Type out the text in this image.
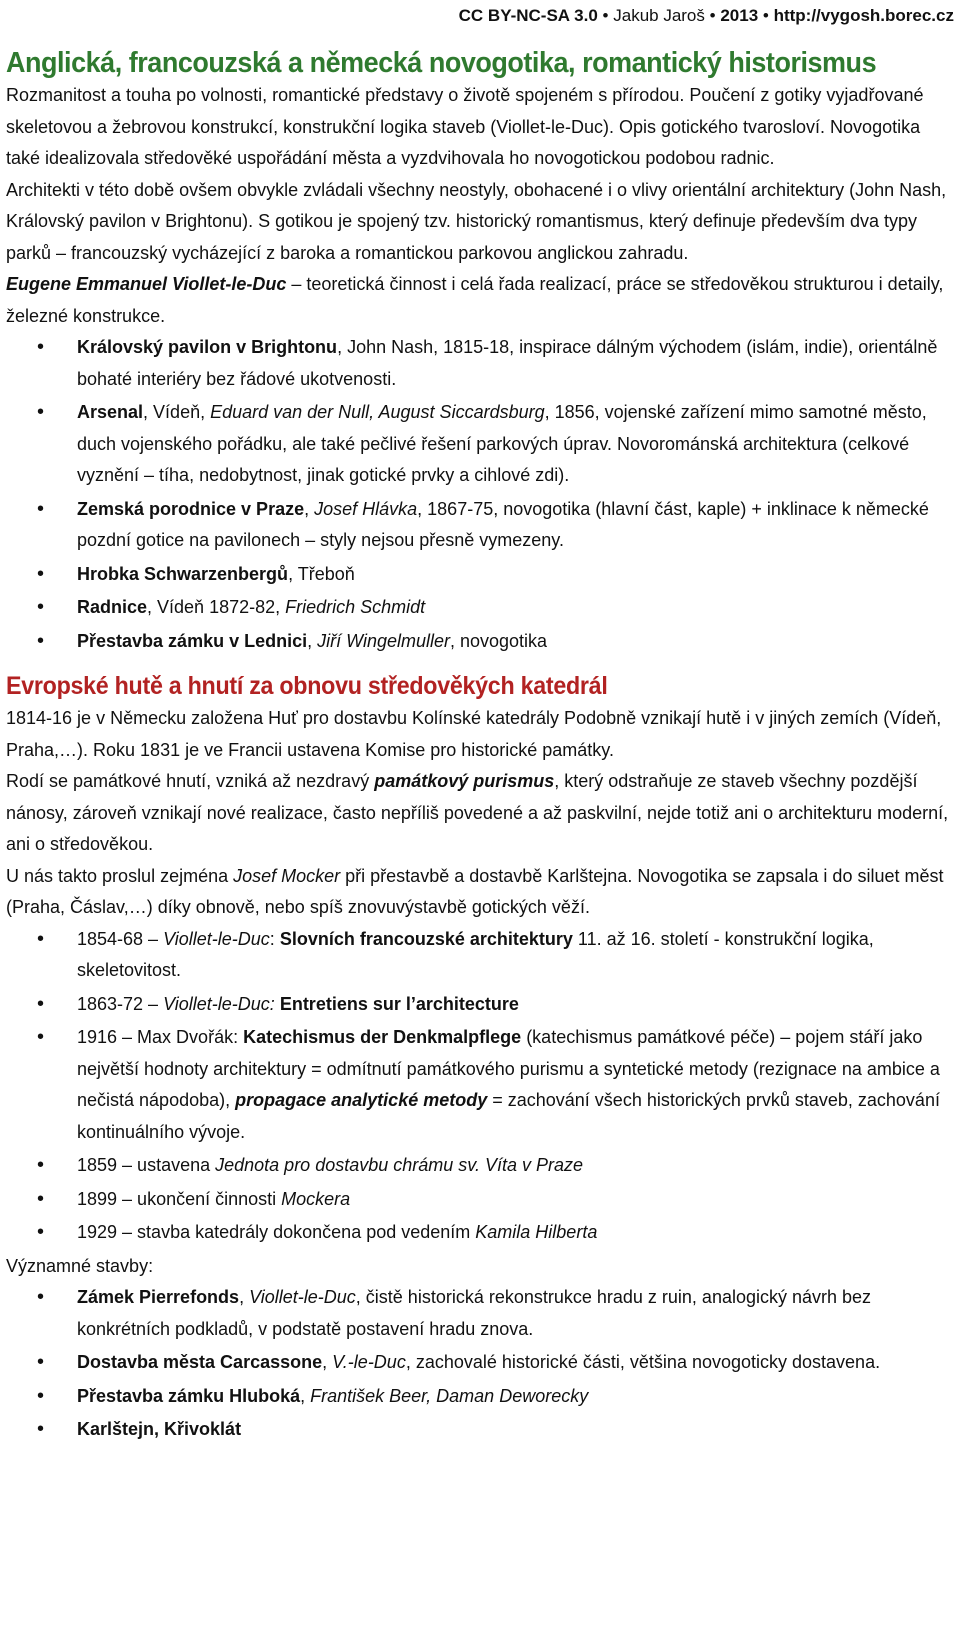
CC BY-NC-SA 3.0 • Jakub Jaroš • 2013 • http://vygosh.borec.cz
Anglická, francouzská a německá novogotika, romantický historismus

Rozmanitost a touha po volnosti, romantické představy o životě spojeném s přírodou. Poučení z gotiky vyjadřované skeletovou a žebrovou konstrukcí, konstrukční logika staveb (Viollet-le-Duc). Opis gotického tvarosloví. Novogotika také idealizovala středověké uspořádání města a vyzdvihovala ho novogotickou podobou radnic.

Architekti v této době ovšem obvykle zvládali všechny neostyly, obohacené i o vlivy orientální architektury (John Nash, Královský pavilon v Brightonu). S gotikou je spojený tzv. historický romantismus, který definuje především dva typy parků – francouzský vycházející z baroka a romantickou parkovou anglickou zahradu.

Eugene Emmanuel Viollet-le-Duc – teoretická činnost i celá řada realizací, práce se středověkou strukturou i detaily, železné konstrukce.

• Královský pavilon v Brightonu, John Nash, 1815-18, inspirace dálným východem (islám, indie), orientálně bohaté interiéry bez řádové ukotvenosti.
• Arsenal, Vídeň, Eduard van der Null, August Siccardsburg, 1856, vojenské zařízení mimo samotné město, duch vojenského pořádku, ale také pečlivé řešení parkových úprav. Novorománská architektura (celkové vyznění – tíha, nedobytnost, jinak gotické prvky a cihlové zdi).
• Zemská porodnice v Praze, Josef Hlávka, 1867-75, novogotika (hlavní část, kaple) + inklinace k německé pozdní gotice na pavilonech – styly nejsou přesně vymezeny.
• Hrobka Schwarzenbergů, Třeboň
• Radnice, Vídeň 1872-82, Friedrich Schmidt
• Přestavba zámku v Lednici, Jiří Wingelmuller, novogotika
Evropské hutě a hnutí za obnovu středověkých katedrál

1814-16 je v Německu založena Huť pro dostavbu Kolínské katedrály Podobně vznikají hutě i v jiných zemích (Vídeň, Praha,…). Roku 1831 je ve Francii ustavena Komise pro historické památky.

Rodí se památkové hnutí, vzniká až nezdravý památkový purismus, který odstraňuje ze staveb všechny pozdější nánosy, zároveň vznikají nové realizace, často nepříliš povedené a až paskvilní, nejde totiž ani o architekturu moderní, ani o středověkou.

U nás takto proslul zejména Josef Mocker při přestavbě a dostavbě Karlštejna. Novogotika se zapsala i do siluet měst (Praha, Čáslav,…) díky obnově, nebo spíš znovuvýstavbě gotických věží.

• 1854-68 – Viollet-le-Duc: Slovních francouzské architektury 11. až 16. století - konstrukční logika, skeletovitost.
• 1863-72 – Viollet-le-Duc: Entretiens sur l’architecture
• 1916 – Max Dvořák: Katechismus der Denkmalpflege (katechismus památkové péče) – pojem stáří jako největší hodnoty architektury = odmítnutí památkového purismu a syntetické metody (rezignace na ambice a nečistá nápodoba), propagace analytické metody = zachování všech historických prvků staveb, zachování kontinuálního vývoje.
• 1859 – ustavena Jednota pro dostavbu chrámu sv. Víta v Praze
• 1899 – ukončení činnosti Mockera
• 1929 – stavba katedrály dokončena pod vedením Kamila Hilberta

Významné stavby:

• Zámek Pierrefonds, Viollet-le-Duc, čistě historická rekonstrukce hradu z ruin, analogický návrh bez konkrétních podkladů, v podstatě postavení hradu znova.
• Dostavba města Carcassone, V.-le-Duc, zachovalé historické části, většina novogoticky dostavena.
• Přestavba zámku Hluboká, František Beer, Daman Deworecky
• Karlštejn, Křivoklát
